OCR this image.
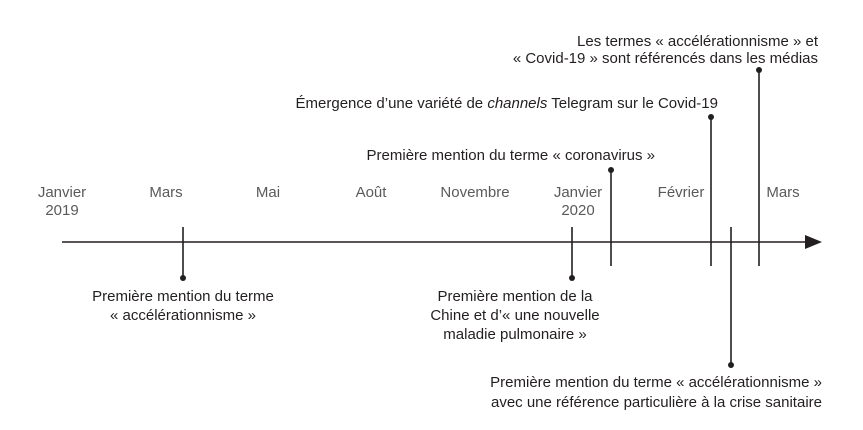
Janvier
2019
Mars	Mai	Août	Novembre	Janvier
2020
Février	Mars
Les termes « accélérationnisme » et
« Covid-19 » sont référencés dans les médias
Émergence d’une variété de channels Telegram sur le Covid-19
Première mention du terme « coronavirus »
Première mention du terme
« accélérationnisme »
Première mention de la
Chine et d’« une nouvelle
maladie pulmonaire »
Première mention du terme « accélérationnisme »
avec une référence particulière à la crise sanitaire
